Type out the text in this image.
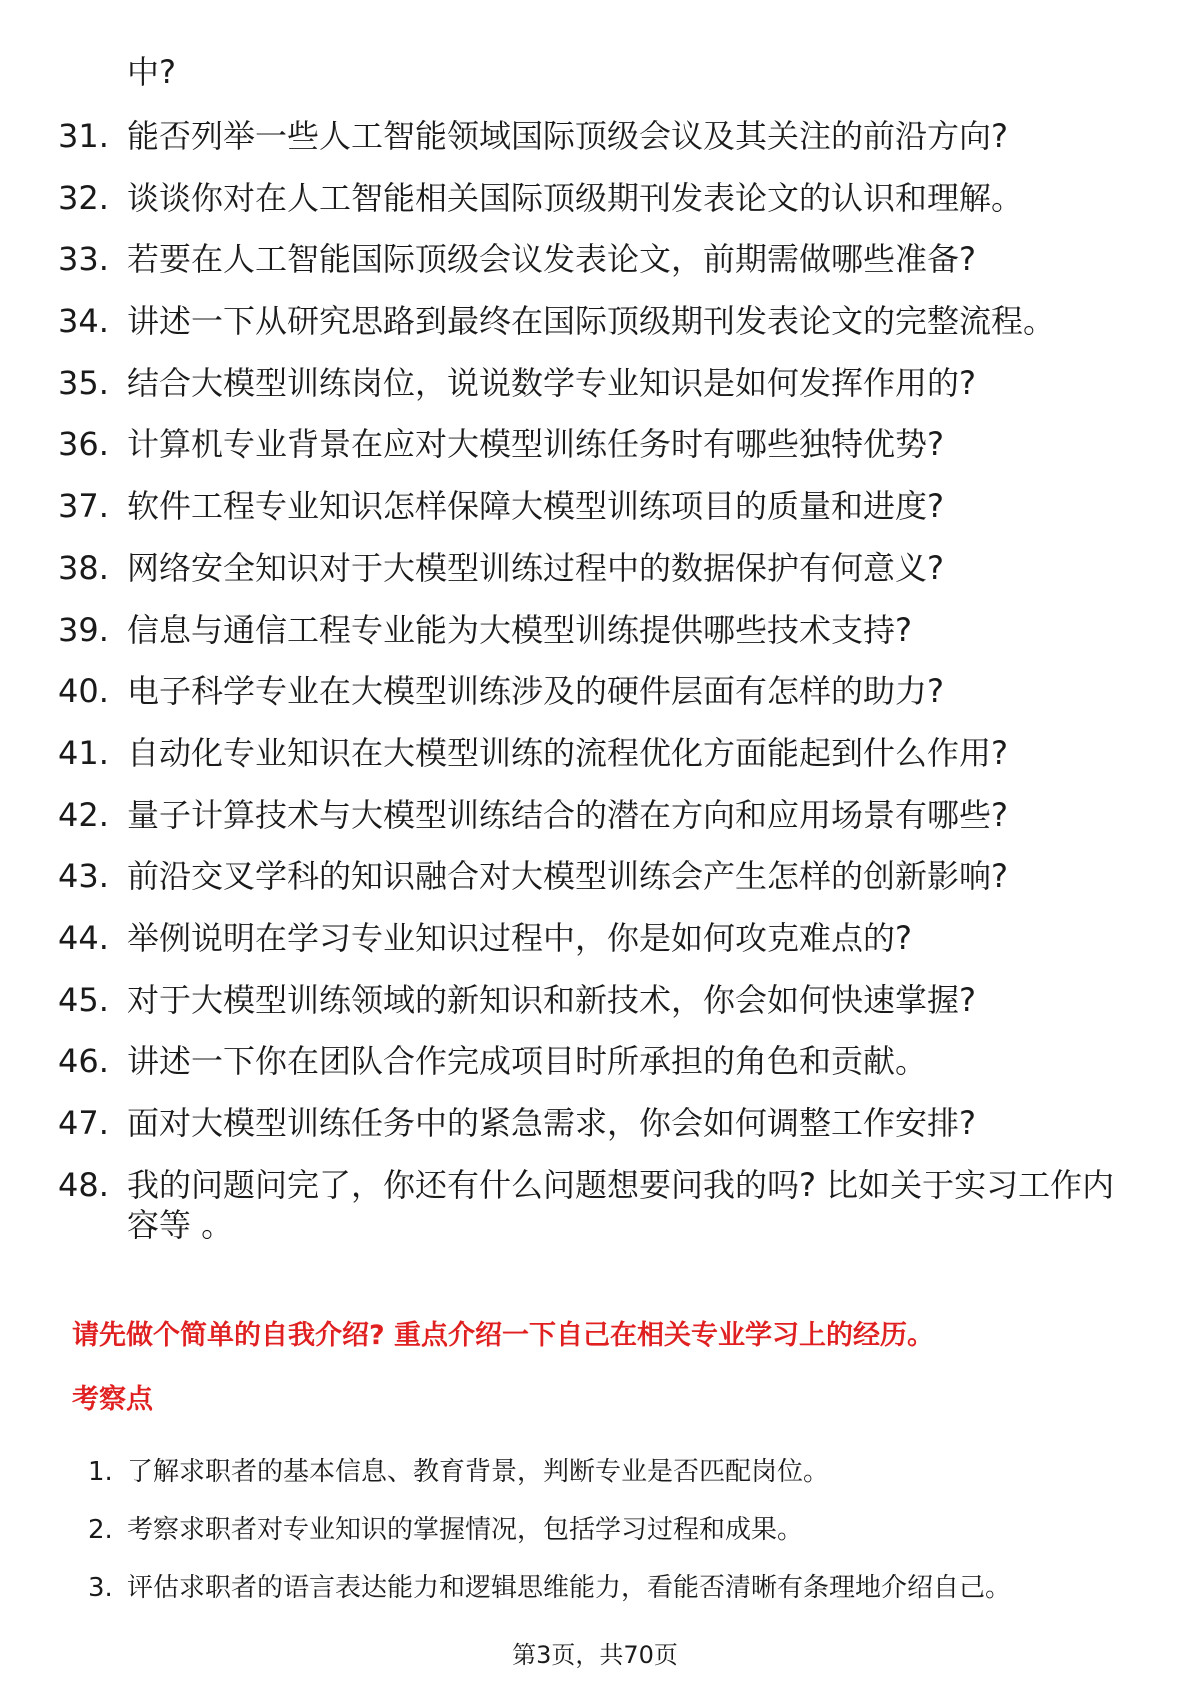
中?
31. 能否列举一些人工智能领域国际顶级会议及其关注的前沿方向?
32. 谈谈你对在人工智能相关国际顶级期刊发表论文的认识和理解。
33. 若要在人工智能国际顶级会议发表论文，前期需做哪些准备?
34. 讲述一下从研究思路到最终在国际顶级期刊发表论文的完整流程。
35. 结合大模型训练岗位，说说数学专业知识是如何发挥作用的?
36. 计算机专业背景在应对大模型训练任务时有哪些独特优势?
37. 软件工程专业知识怎样保障大模型训练项目的质量和进度?
38. 网络安全知识对于大模型训练过程中的数据保护有何意义?
39. 信息与通信工程专业能为大模型训练提供哪些技术支持?
40. 电子科学专业在大模型训练涉及的硬件层面有怎样的助力?
41. 自动化专业知识在大模型训练的流程优化方面能起到什么作用?
42. 量子计算技术与大模型训练结合的潜在方向和应用场景有哪些?
43. 前沿交叉学科的知识融合对大模型训练会产生怎样的创新影响?
44. 举例说明在学习专业知识过程中，你是如何攻克难点的?
45. 对于大模型训练领域的新知识和新技术，你会如何快速掌握?
46. 讲述一下你在团队合作完成项目时所承担的角色和贡献。
47. 面对大模型训练任务中的紧急需求，你会如何调整工作安排?
48. 我的问题问完了，你还有什么问题想要问我的吗? 比如关于实习工作内容等 。
请先做个简单的自我介绍? 重点介绍一下自己在相关专业学习上的经历。
考察点
1. 了解求职者的基本信息、教育背景，判断专业是否匹配岗位。
2. 考察求职者对专业知识的掌握情况，包括学习过程和成果。
3. 评估求职者的语言表达能力和逻辑思维能力，看能否清晰有条理地介绍自己。
第3页，共70页
